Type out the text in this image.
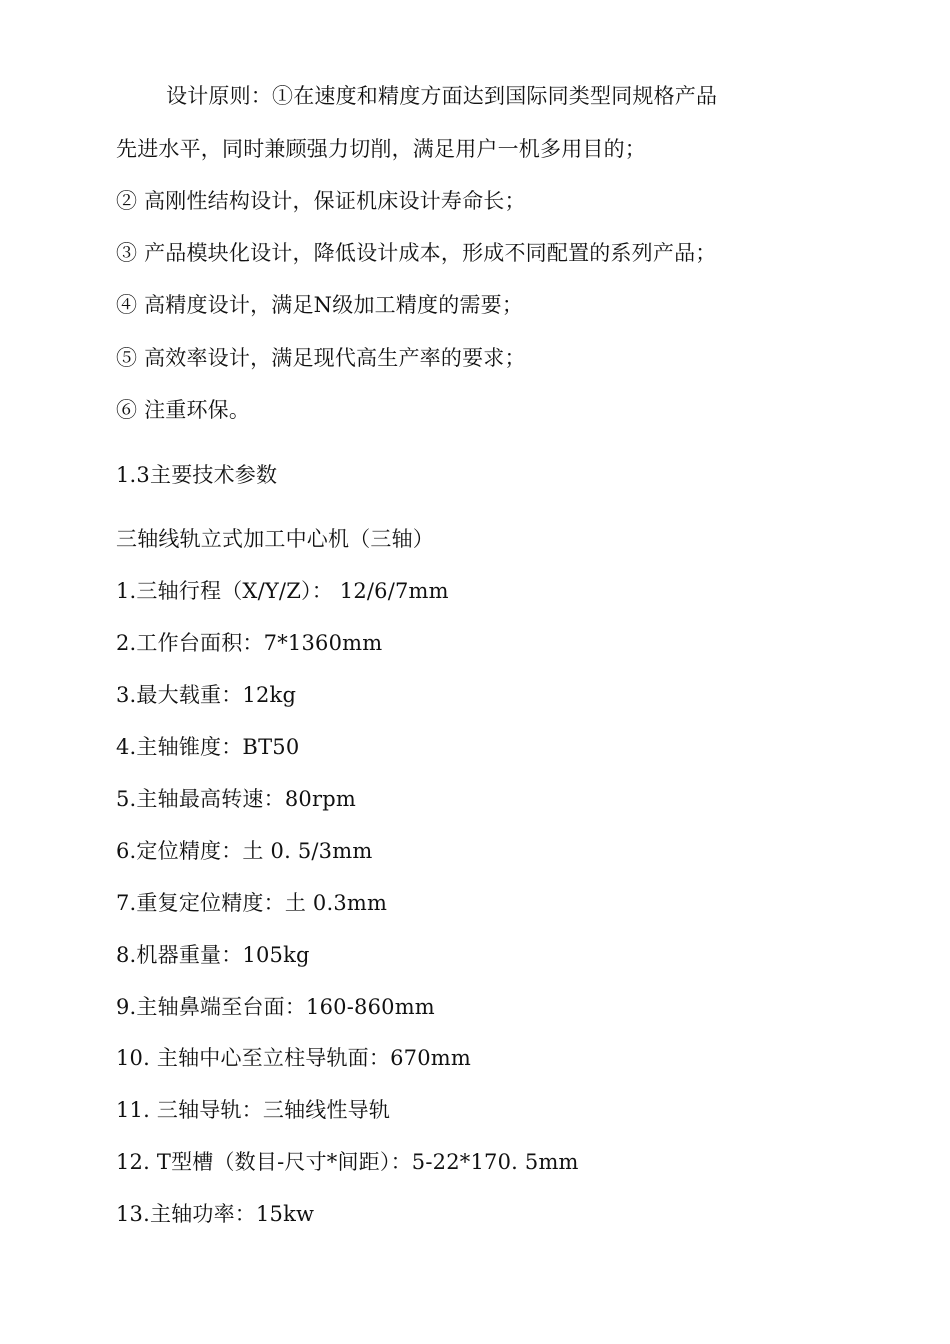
设计原则：①在速度和精度方面达到国际同类型同规格产品
先进水平，同时兼顾强力切削，满足用户一机多用目的；
② 高刚性结构设计，保证机床设计寿命长；
③ 产品模块化设计，降低设计成本，形成不同配置的系列产品；
④ 高精度设计，满足N级加工精度的需要；
⑤ 高效率设计，满足现代高生产率的要求；
⑥ 注重环保。
1.3主要技术参数
三轴线轨立式加工中心机（三轴）
1.三轴行程（X/Y/Z）： 12/6/7mm
2.工作台面积：7*1360mm
3.最大载重：12kg
4.主轴锥度：BT50
5.主轴最高转速：80rpm
6.定位精度：土 0. 5/3mm
7.重复定位精度：土 0.3mm
8.机器重量：105kg
9.主轴鼻端至台面：160-860mm
10. 主轴中心至立柱导轨面：670mm
11. 三轴导轨：三轴线性导轨
12. T型槽（数目-尺寸*间距）：5-22*170. 5mm
13.主轴功率：15kw
